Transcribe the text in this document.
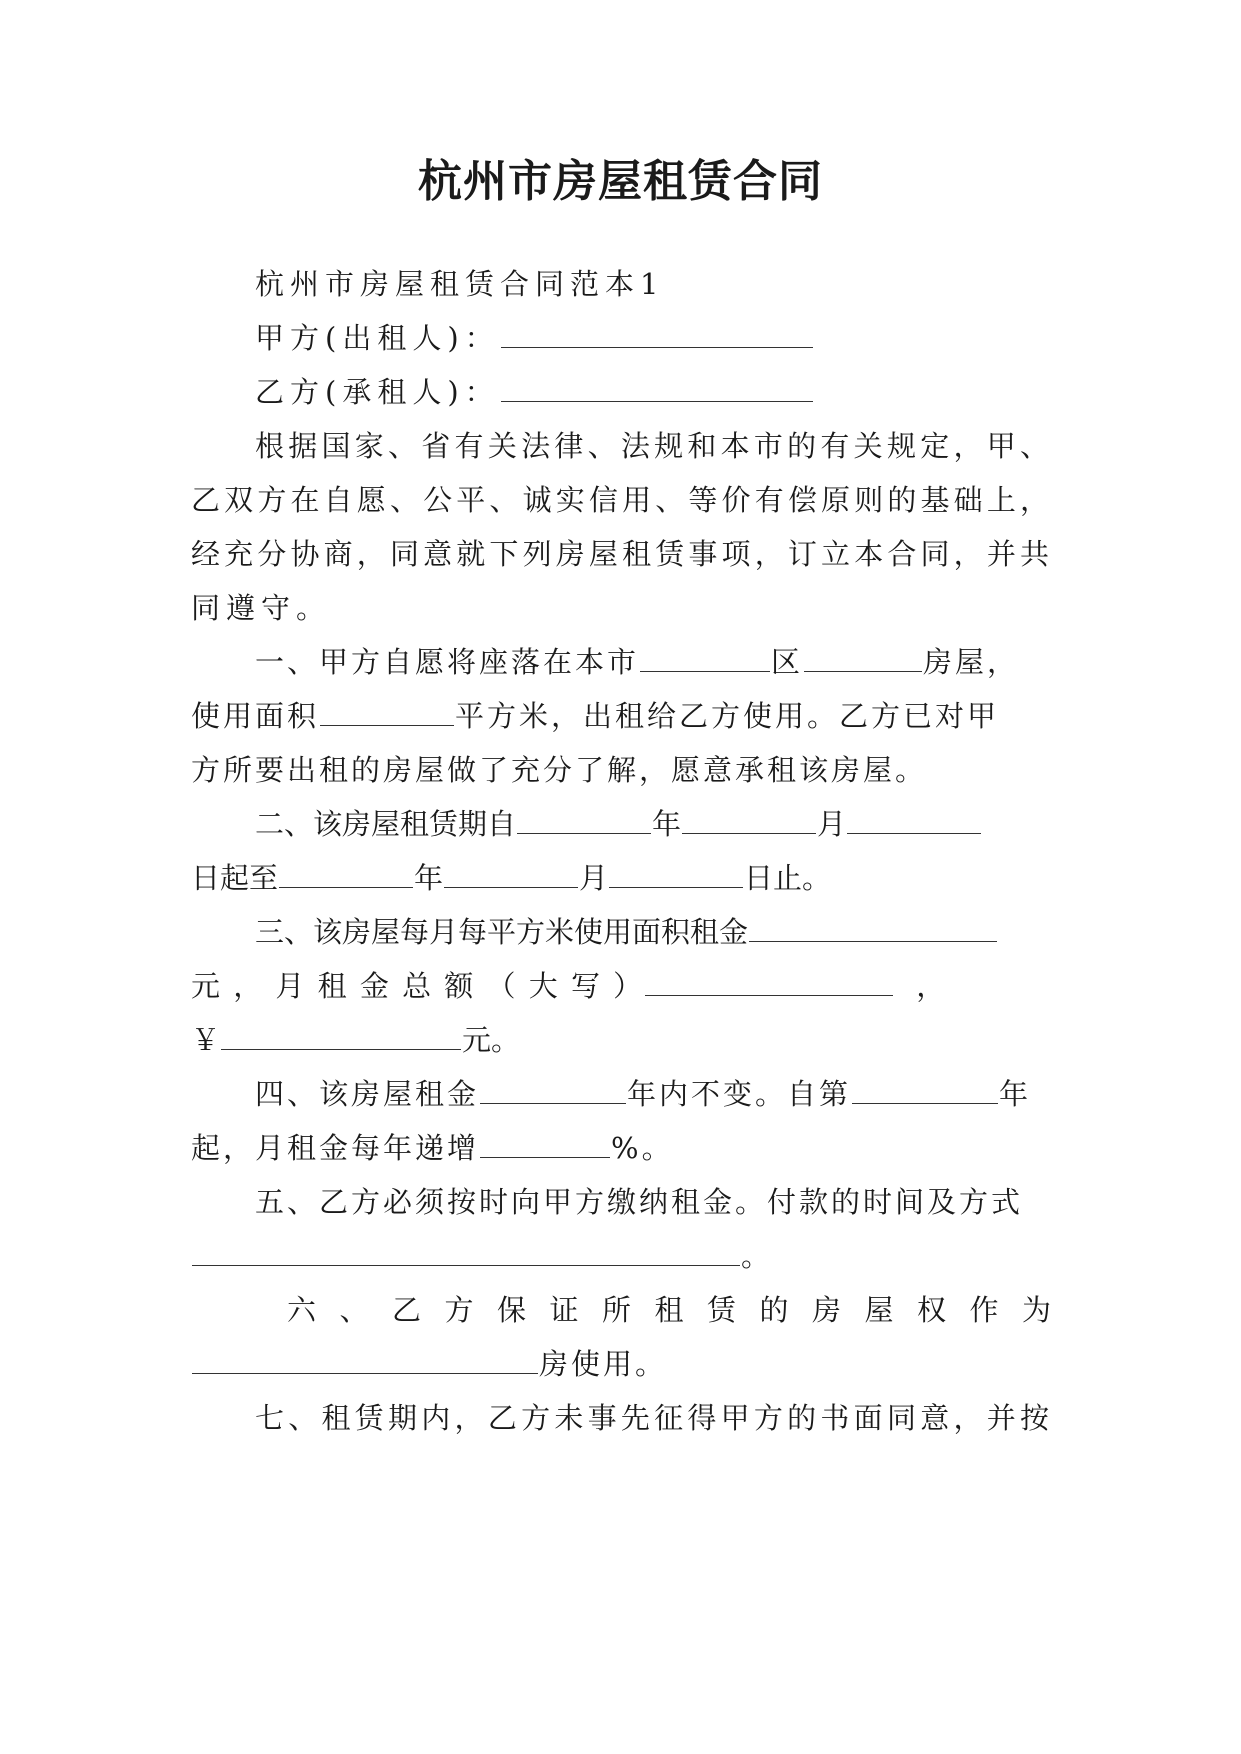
杭州市房屋租赁合同
杭州市房屋租赁合同范本1
甲方(出租人)：
乙方(承租人)：
根据国家、省有关法律、法规和本市的有关规定，甲、
乙双方在自愿、公平、诚实信用、等价有偿原则的基础上，
经充分协商，同意就下列房屋租赁事项，订立本合同，并共
同遵守。
一、甲方自愿将座落在本市	区	房屋，
使用面积	平方米，出租给乙方使用。乙方已对甲
方所要出租的房屋做了充分了解，愿意承租该房屋。
二、该房屋租赁期自	年	月
日起至	年	月	日止。
三、该房屋每月每平方米使用面积租金
元 ， 月 租 金 总 额 （ 大 写 ）	，
￥	元。
四、该房屋租金	年内不变。自第	年
起，月租金每年递增	%。
五、乙方必须按时向甲方缴纳租金。付款的时间及方式
。
六 、 乙 方 保 证 所 租 赁 的 房 屋 权 作 为
房使用。
七、租赁期内，乙方未事先征得甲方的书面同意，并按
